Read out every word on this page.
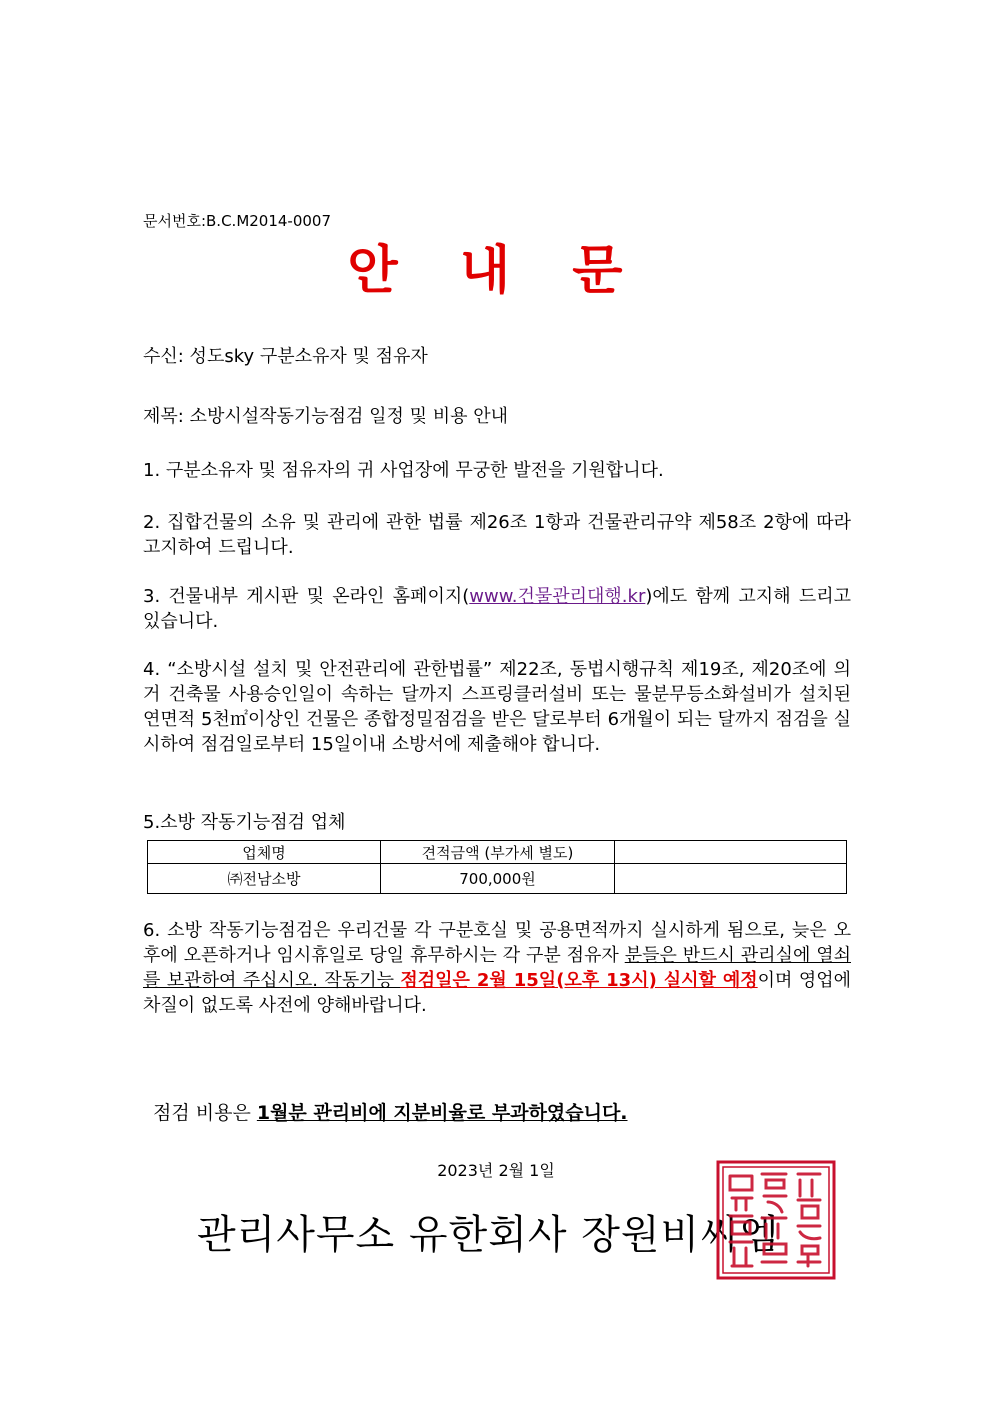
문서번호:B.C.M2014-0007
안 내 문
수신: 성도sky 구분소유자 및 점유자
제목: 소방시설작동기능점검 일정 및 비용 안내
1. 구분소유자 및 점유자의 귀 사업장에 무궁한 발전을 기원합니다.
2. 집합건물의 소유 및 관리에 관한 법률 제26조 1항과 건물관리규약 제58조 2항에 따라 고지하여 드립니다.
3. 건물내부 게시판 및 온라인 홈페이지(www.건물관리대행.kr)에도 함께 고지해 드리고 있습니다.
4. “소방시설 설치 및 안전관리에 관한법률” 제22조, 동법시행규칙 제19조, 제20조에 의거 건축물 사용승인일이 속하는 달까지 스프링클러설비 또는 물분무등소화설비가 설치된 연면적 5천㎡이상인 건물은 종합정밀점검을 받은 달로부터 6개월이 되는 달까지 점검을 실시하여 점검일로부터 15일이내 소방서에 제출해야 합니다.
5.소방 작동기능점검 업체
업체명	견적금액 (부가세 별도)	
㈜전남소방	700,000원	
6. 소방 작동기능점검은 우리건물 각 구분호실 및 공용면적까지 실시하게 됨으로, 늦은 오후에 오픈하거나 임시휴일로 당일 휴무하시는 각 구분 점유자 분들은 반드시 관리실에 열쇠를 보관하여 주십시오. 작동기능 점검일은 2월 15일(오후 13시) 실시할 예정이며 영업에 차질이 없도록 사전에 양해바랍니다.
점검 비용은 1월분 관리비에 지분비율로 부과하였습니다.
2023년 2월 1일
관리사무소 유한회사 장원비씨엠
